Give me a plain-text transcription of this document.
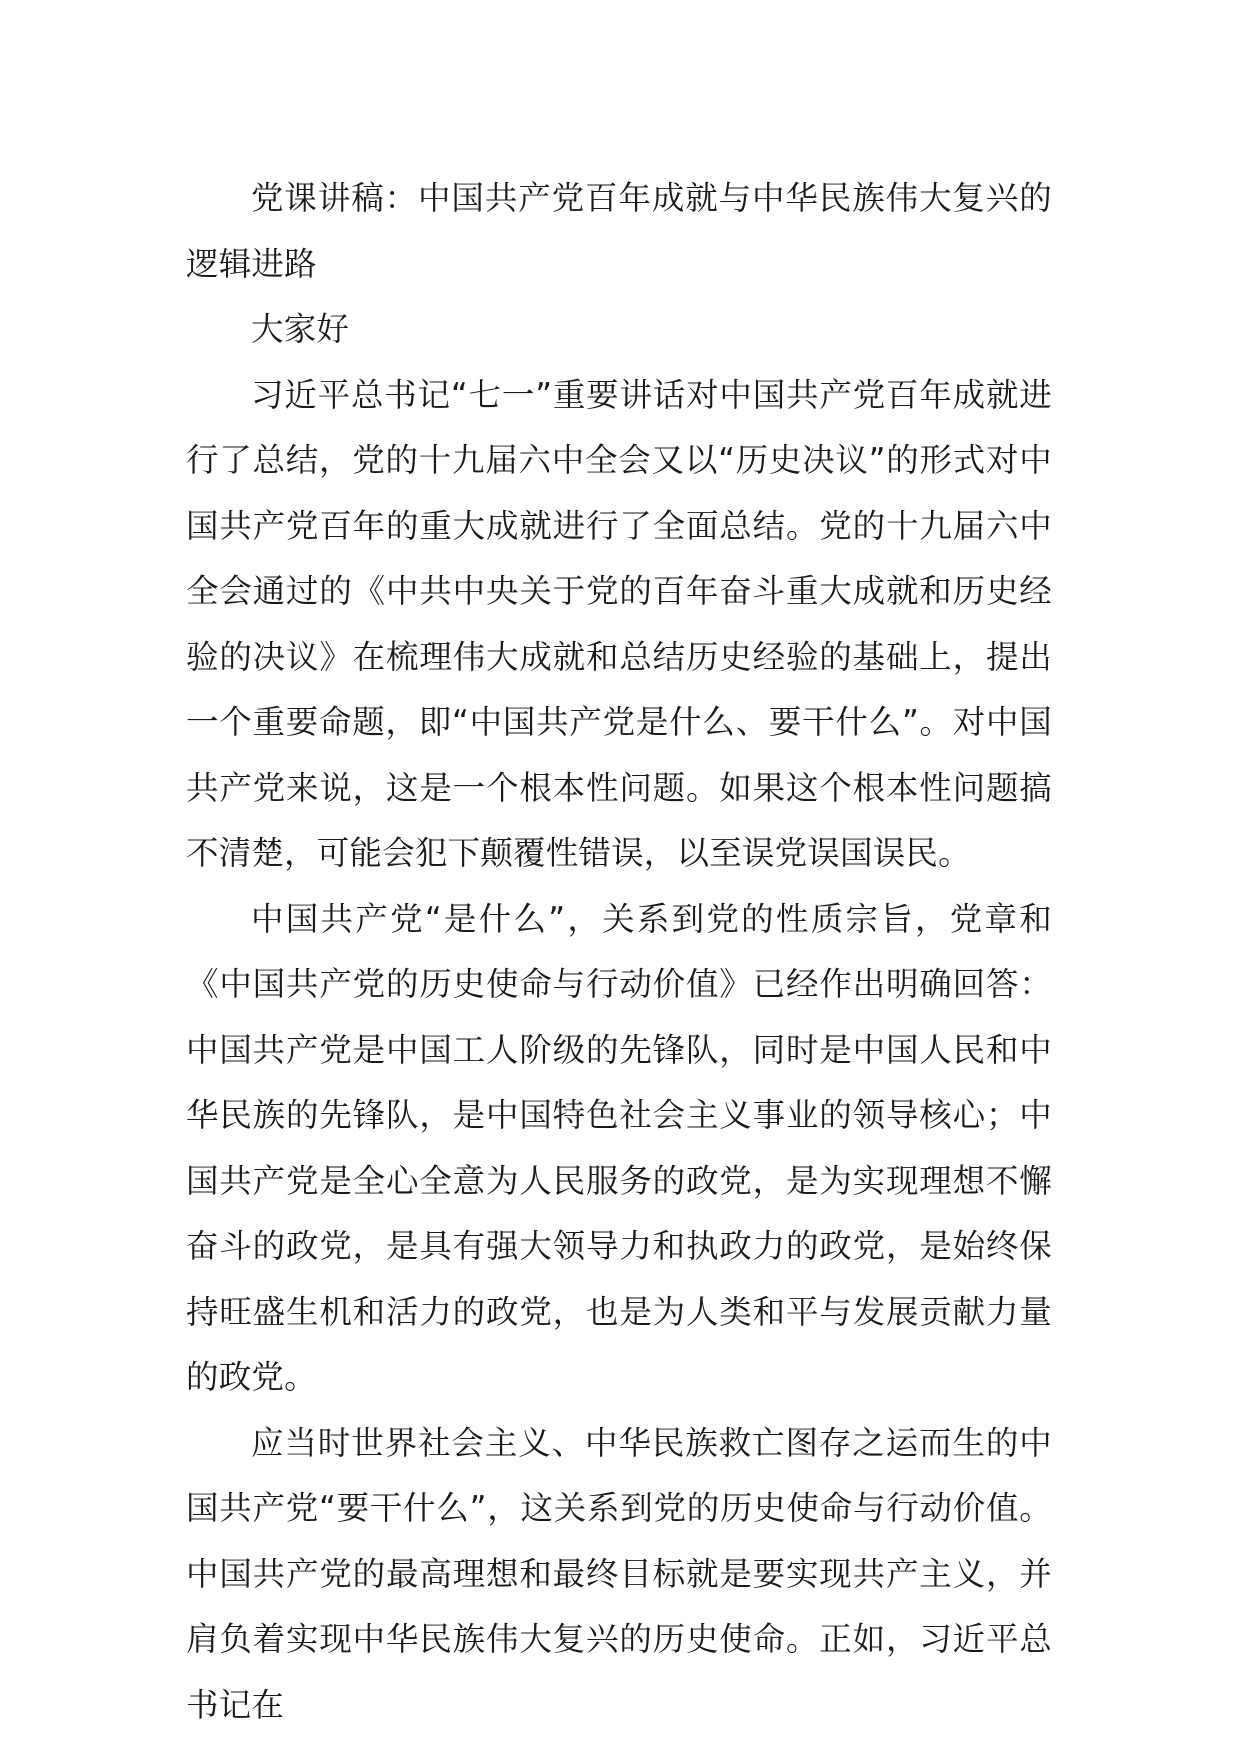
党课讲稿：中国共产党百年成就与中华民族伟大复兴的逻辑进路

大家好

习近平总书记“七一”重要讲话对中国共产党百年成就进行了总结，党的十九届六中全会又以“历史决议”的形式对中国共产党百年的重大成就进行了全面总结。党的十九届六中全会通过的《中共中央关于党的百年奋斗重大成就和历史经验的决议》在梳理伟大成就和总结历史经验的基础上，提出一个重要命题，即“中国共产党是什么、要干什么”。对中国共产党来说，这是一个根本性问题。如果这个根本性问题搞不清楚，可能会犯下颠覆性错误，以至误党误国误民。

中国共产党“是什么”，关系到党的性质宗旨，党章和《中国共产党的历史使命与行动价值》已经作出明确回答：中国共产党是中国工人阶级的先锋队，同时是中国人民和中华民族的先锋队，是中国特色社会主义事业的领导核心；中国共产党是全心全意为人民服务的政党，是为实现理想不懈奋斗的政党，是具有强大领导力和执政力的政党，是始终保持旺盛生机和活力的政党，也是为人类和平与发展贡献力量的政党。

应当时世界社会主义、中华民族救亡图存之运而生的中国共产党“要干什么”，这关系到党的历史使命与行动价值。中国共产党的最高理想和最终目标就是要实现共产主义，并肩负着实现中华民族伟大复兴的历史使命。正如，习近平总书记在
